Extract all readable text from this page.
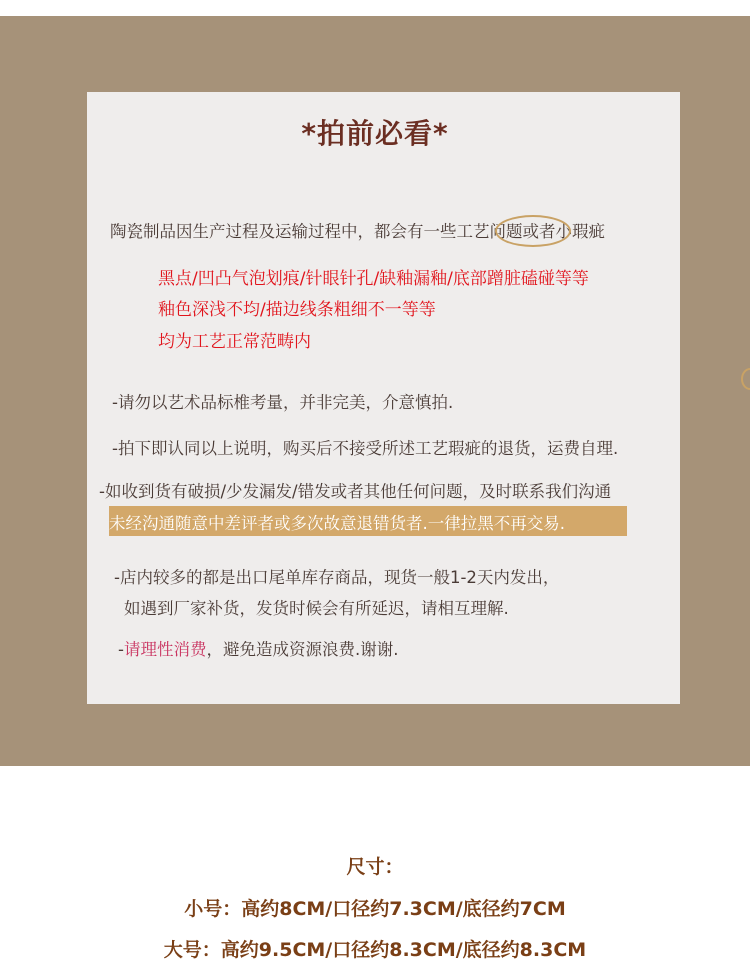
*拍前必看*
陶瓷制品因生产过程及运输过程中，都会有一些工艺问题或者小瑕疵
黑点/凹凸气泡划痕/针眼针孔/缺釉漏釉/底部蹭脏磕碰等等
釉色深浅不均/描边线条粗细不一等等
均为工艺正常范畴内
-请勿以艺术品标椎考量，并非完美，介意慎拍.
-拍下即认同以上说明，购买后不接受所述工艺瑕疵的退货，运费自理.
-如收到货有破损/少发漏发/错发或者其他任何问题，及时联系我们沟通
未经沟通随意中差评者或多次故意退错货者.一律拉黑不再交易.
-店内较多的都是出口尾单库存商品，现货一般1-2天内发出，
如遇到厂家补货，发货时候会有所延迟，请相互理解.
-请理性消费，避免造成资源浪费.谢谢.
尺寸：
小号：高约8CM/口径约7.3CM/底径约7CM
大号：高约9.5CM/口径约8.3CM/底径约8.3CM
